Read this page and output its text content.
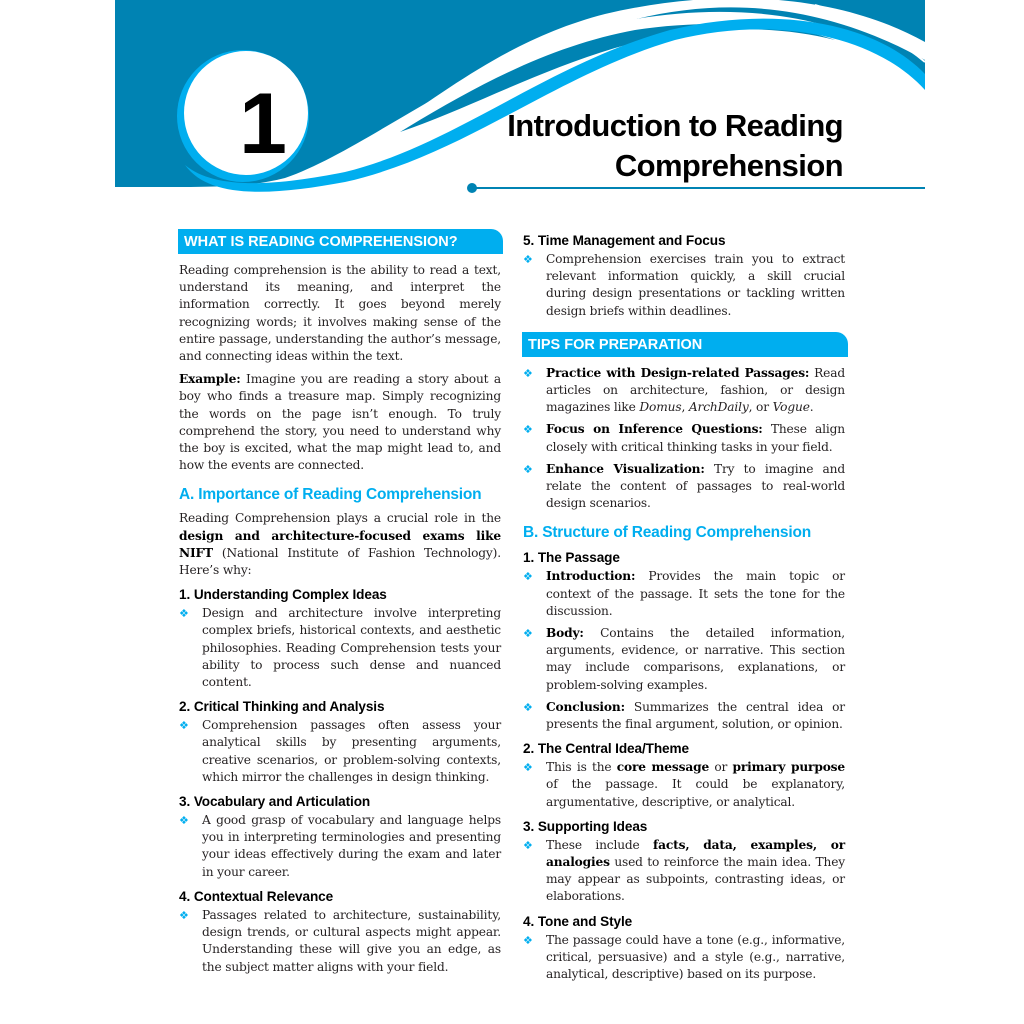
1	Introduction to Reading
Comprehension
WHAT IS READING COMPREHENSION?

Reading comprehension is the ability to read a text, understand its meaning, and interpret the information correctly. It goes beyond merely recognizing words; it involves making sense of the entire passage, understanding the author’s message, and connecting ideas within the text.

Example: Imagine you are reading a story about a boy who finds a treasure map. Simply recognizing the words on the page isn’t enough. To truly comprehend the story, you need to understand why the boy is excited, what the map might lead to, and how the events are connected.

A. Importance of Reading Comprehension

Reading Comprehension plays a crucial role in the design and architecture-focused exams like NIFT (National Institute of Fashion Technology). Here’s why:

1. Understanding Complex Ideas
❖ Design and architecture involve interpreting complex briefs, historical contexts, and aesthetic philosophies. Reading Comprehension tests your ability to process such dense and nuanced content.
2. Critical Thinking and Analysis
❖ Comprehension passages often assess your analytical skills by presenting arguments, creative scenarios, or problem-solving contexts, which mirror the challenges in design thinking.
3. Vocabulary and Articulation
❖ A good grasp of vocabulary and language helps you in interpreting terminologies and presenting your ideas effectively during the exam and later in your career.
4. Contextual Relevance
❖ Passages related to architecture, sustainability, design trends, or cultural aspects might appear. Understanding these will give you an edge, as the subject matter aligns with your field.
5. Time Management and Focus
❖ Comprehension exercises train you to extract relevant information quickly, a skill crucial during design presentations or tackling written design briefs within deadlines.
TIPS FOR PREPARATION
❖ Practice with Design-related Passages: Read articles on architecture, fashion, or design magazines like Domus, ArchDaily, or Vogue.
❖ Focus on Inference Questions: These align closely with critical thinking tasks in your field.
❖ Enhance Visualization: Try to imagine and relate the content of passages to real-world design scenarios.
B. Structure of Reading Comprehension
1. The Passage
❖ Introduction: Provides the main topic or context of the passage. It sets the tone for the discussion.
❖ Body: Contains the detailed information, arguments, evidence, or narrative. This section may include comparisons, explanations, or problem-solving examples.
❖ Conclusion: Summarizes the central idea or presents the final argument, solution, or opinion.
2. The Central Idea/Theme
❖ This is the core message or primary purpose of the passage. It could be explanatory, argumentative, descriptive, or analytical.
3. Supporting Ideas
❖ These include facts, data, examples, or analogies used to reinforce the main idea. They may appear as subpoints, contrasting ideas, or elaborations.
4. Tone and Style
❖ The passage could have a tone (e.g., informative, critical, persuasive) and a style (e.g., narrative, analytical, descriptive) based on its purpose.
